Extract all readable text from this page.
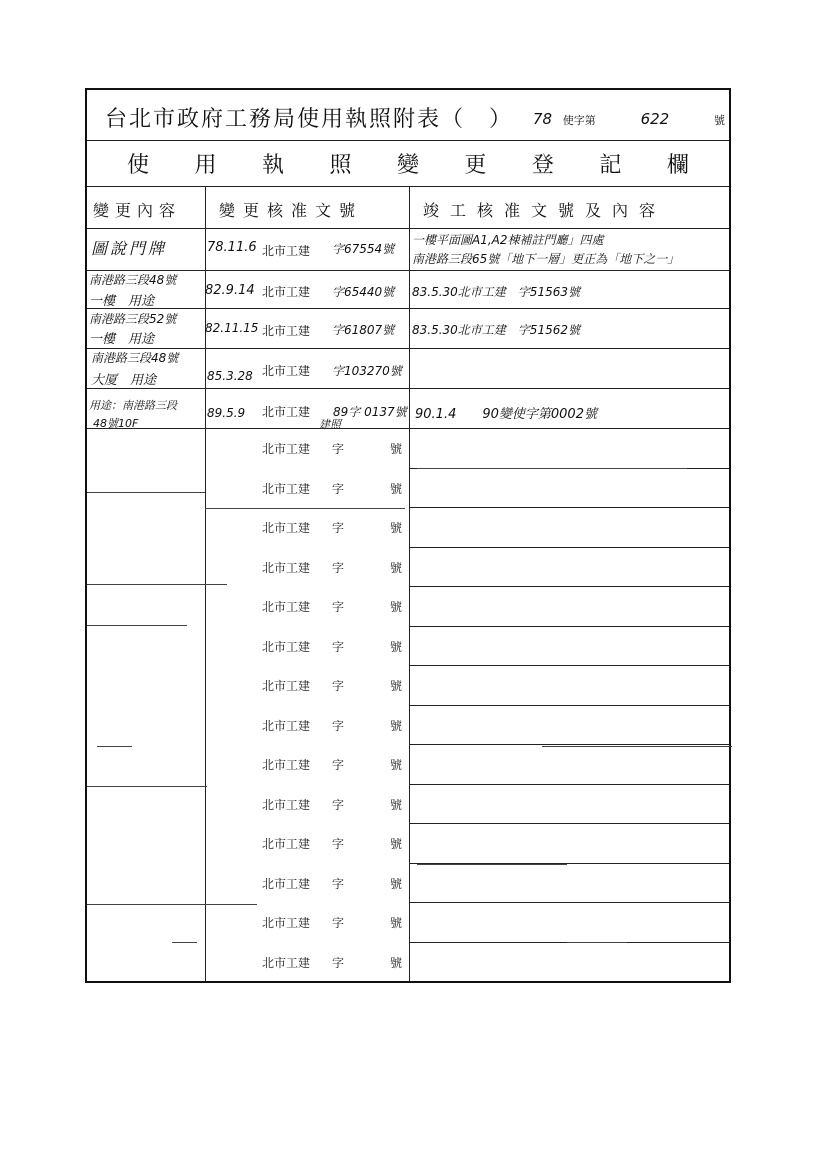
台北市政府工務局使用執照附表（　）	78 使字第	622	號
使 用 執 照 變 更 登 記 欄
變更內容 變更核准文號	竣工核准文號及內容
圖說門牌	78.11.6 北市工建 字67554號
一樓平面圖A1,A2棟補註門廳」四處
南港路三段65號「地下一層」更正為「地下之一」
南港路三段48號
一樓　用途
82.9.14 北市工建 字65440號 83.5.30北市工建　字51563號
南港路三段52號
一樓　用途
82.11.15 北市工建 字61807號 83.5.30北市工建　字51562號
南港路三段48號
大厦　用途	85.3.28 北市工建 字103270號
用途：南港路三段
48號10F
89.5.9 北市工建 89字 0137號
建照
90.1.4　　90變使字第0002號
北市工建 字	號
北市工建 字	號
北市工建 字	號
北市工建 字	號
北市工建 字	號
北市工建 字	號
北市工建 字	號
北市工建 字	號
北市工建 字	號
北市工建 字	號
北市工建 字	號
北市工建 字	號
北市工建 字	號
北市工建 字	號
